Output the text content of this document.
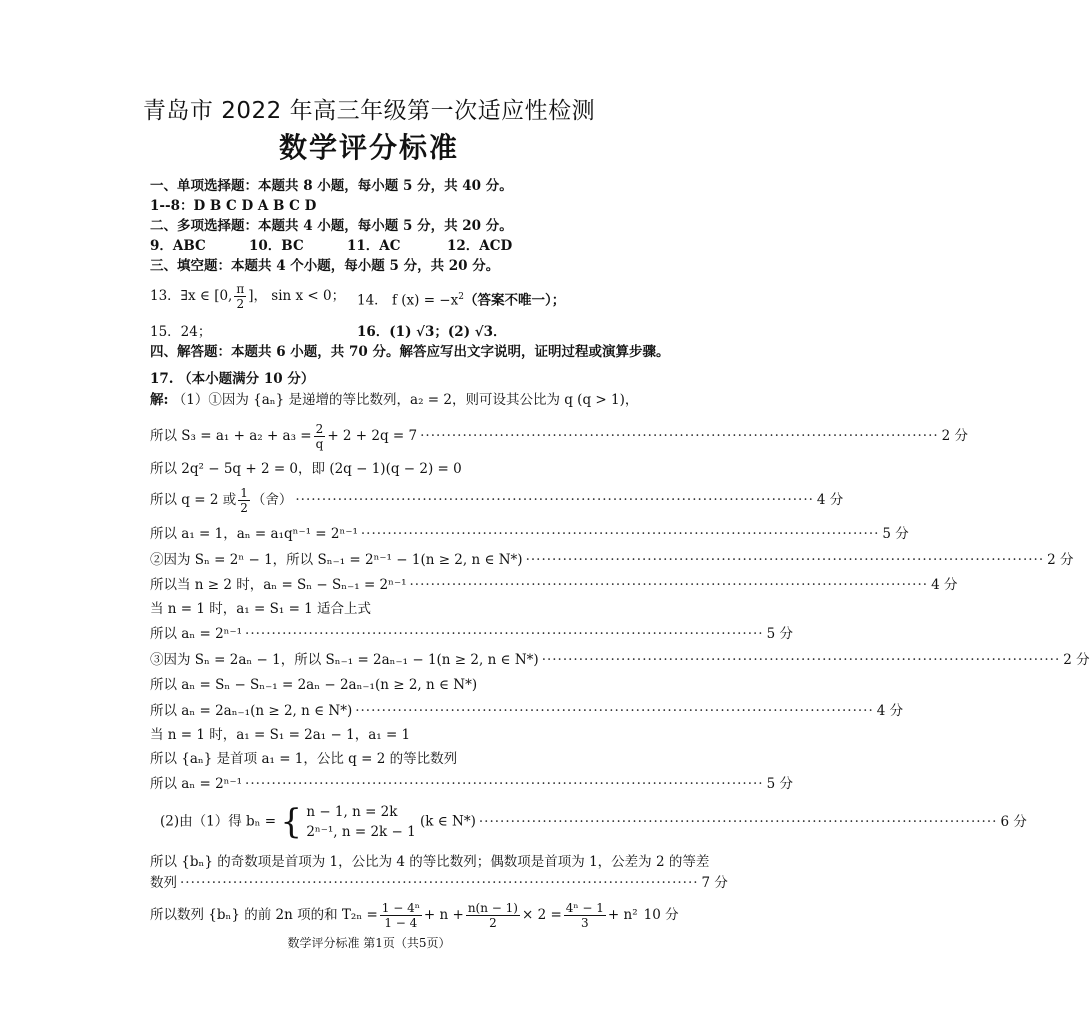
青岛市 2022 年高三年级第一次适应性检测
数学评分标准
一、单项选择题：本题共 8 小题，每小题 5 分，共 40 分。
1--8：D B C D A B C D
二、多项选择题：本题共 4 小题，每小题 5 分，共 20 分。
9．ABC	10．BC	11．AC	12．ACD
三、填空题：本题共 4 个小题，每小题 5 分，共 20 分。
13．∃x ∈ [0, $\frac{\pi}{2}$ ]， sin x < 0； 14． f $(x) = -x^2$（答案不唯一）；
15．24；	16．(1) √3；(2) √3．
四、解答题：本题共 6 小题，共 70 分。解答应写出文字说明，证明过程或演算步骤。
17. （本小题满分 10 分）
解: （1）①因为 {aₙ} 是递增的等比数列，a₂ = 2，则可设其公比为 q (q > 1)，
所以 $S_3 = a_1 + a_2 + a_3 = \frac{2}{q} + 2 + 2q = 7$ ·································································································· 2 分
所以 2q² − 5q + 2 = 0，即 (2q − 1)(q − 2) = 0
所以 q = 2 或 $\frac{1}{2}$ （舍） ·································································································· 4 分
所以 a₁ = 1，aₙ = a₁qⁿ⁻¹ = 2ⁿ⁻¹ ·································································································· 5 分
②因为 Sₙ = 2ⁿ − 1，所以 Sₙ₋₁ = 2ⁿ⁻¹ − 1(n ≥ 2, n ∈ N*) ·································································································· 2 分
所以当 n ≥ 2 时，aₙ = Sₙ − Sₙ₋₁ = 2ⁿ⁻¹ ·································································································· 4 分
当 n = 1 时，a₁ = S₁ = 1 适合上式
所以 aₙ = 2ⁿ⁻¹ ·································································································· 5 分
③因为 Sₙ = 2aₙ − 1，所以 Sₙ₋₁ = 2aₙ₋₁ − 1(n ≥ 2, n ∈ N*) ·································································································· 2 分
所以 aₙ = Sₙ − Sₙ₋₁ = 2aₙ − 2aₙ₋₁(n ≥ 2, n ∈ N*)
所以 aₙ = 2aₙ₋₁(n ≥ 2, n ∈ N*) ·································································································· 4 分
当 n = 1 时，a₁ = S₁ = 2a₁ − 1，a₁ = 1
所以 {aₙ} 是首项 a₁ = 1，公比 q = 2 的等比数列
所以 aₙ = 2ⁿ⁻¹ ·································································································· 5 分
(2)由（1）得 bₙ = { n − 1, n = 2k
2ⁿ⁻¹, n = 2k − 1
(k ∈ N*) ·································································································· 6 分
所以 {bₙ} 的奇数项是首项为 1，公比为 4 的等比数列；偶数项是首项为 1，公差为 2 的等差
数列 ·································································································· 7 分
所以数列 {bₙ} 的前 2n 项的和 $T_{2n} = \frac{\text{1 − 4ⁿ}}{1 - 4} + n + \frac{n(n - 1)}{2} \times 2 = \frac{\text{4ⁿ − 1}}{3} + n^2$ 10 分
数学评分标准 第1页（共5页）
